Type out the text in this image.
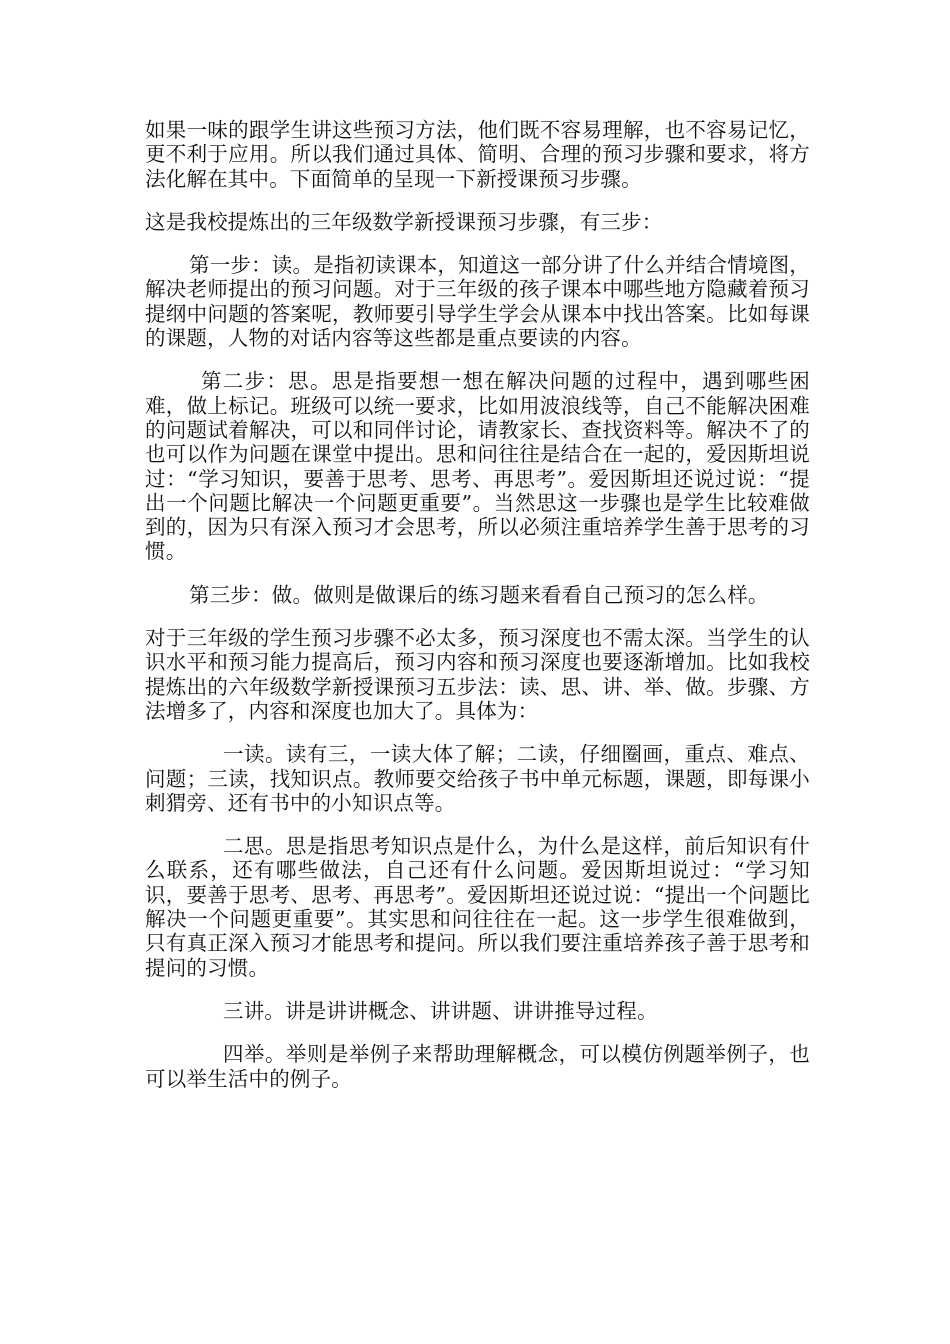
如果一味的跟学生讲这些预习方法，他们既不容易理解，也不容易记忆，更不利于应用。所以我们通过具体、简明、合理的预习步骤和要求，将方法化解在其中。下面简单的呈现一下新授课预习步骤。

这是我校提炼出的三年级数学新授课预习步骤，有三步：

第一步：读。是指初读课本，知道这一部分讲了什么并结合情境图，解决老师提出的预习问题。对于三年级的孩子课本中哪些地方隐藏着预习提纲中问题的答案呢，教师要引导学生学会从课本中找出答案。比如每课的课题，人物的对话内容等这些都是重点要读的内容。

第二步：思。思是指要想一想在解决问题的过程中，遇到哪些困难，做上标记。班级可以统一要求，比如用波浪线等，自己不能解决困难的问题试着解决，可以和同伴讨论，请教家长、查找资料等。解决不了的也可以作为问题在课堂中提出。思和问往往是结合在一起的，爱因斯坦说过：“学习知识，要善于思考、思考、再思考”。爱因斯坦还说过说：“提出一个问题比解决一个问题更重要”。当然思这一步骤也是学生比较难做到的，因为只有深入预习才会思考，所以必须注重培养学生善于思考的习惯。

第三步：做。做则是做课后的练习题来看看自己预习的怎么样。

对于三年级的学生预习步骤不必太多，预习深度也不需太深。当学生的认识水平和预习能力提高后，预习内容和预习深度也要逐渐增加。比如我校提炼出的六年级数学新授课预习五步法：读、思、讲、举、做。步骤、方法增多了，内容和深度也加大了。具体为：

一读。读有三，一读大体了解；二读，仔细圈画，重点、难点、问题；三读，找知识点。教师要交给孩子书中单元标题，课题，即每课小刺猬旁、还有书中的小知识点等。

二思。思是指思考知识点是什么，为什么是这样，前后知识有什么联系，还有哪些做法，自己还有什么问题。爱因斯坦说过：“学习知识，要善于思考、思考、再思考”。爱因斯坦还说过说：“提出一个问题比解决一个问题更重要”。其实思和问往往在一起。这一步学生很难做到，只有真正深入预习才能思考和提问。所以我们要注重培养孩子善于思考和提问的习惯。

三讲。讲是讲讲概念、讲讲题、讲讲推导过程。

四举。举则是举例子来帮助理解概念，可以模仿例题举例子，也可以举生活中的例子。
